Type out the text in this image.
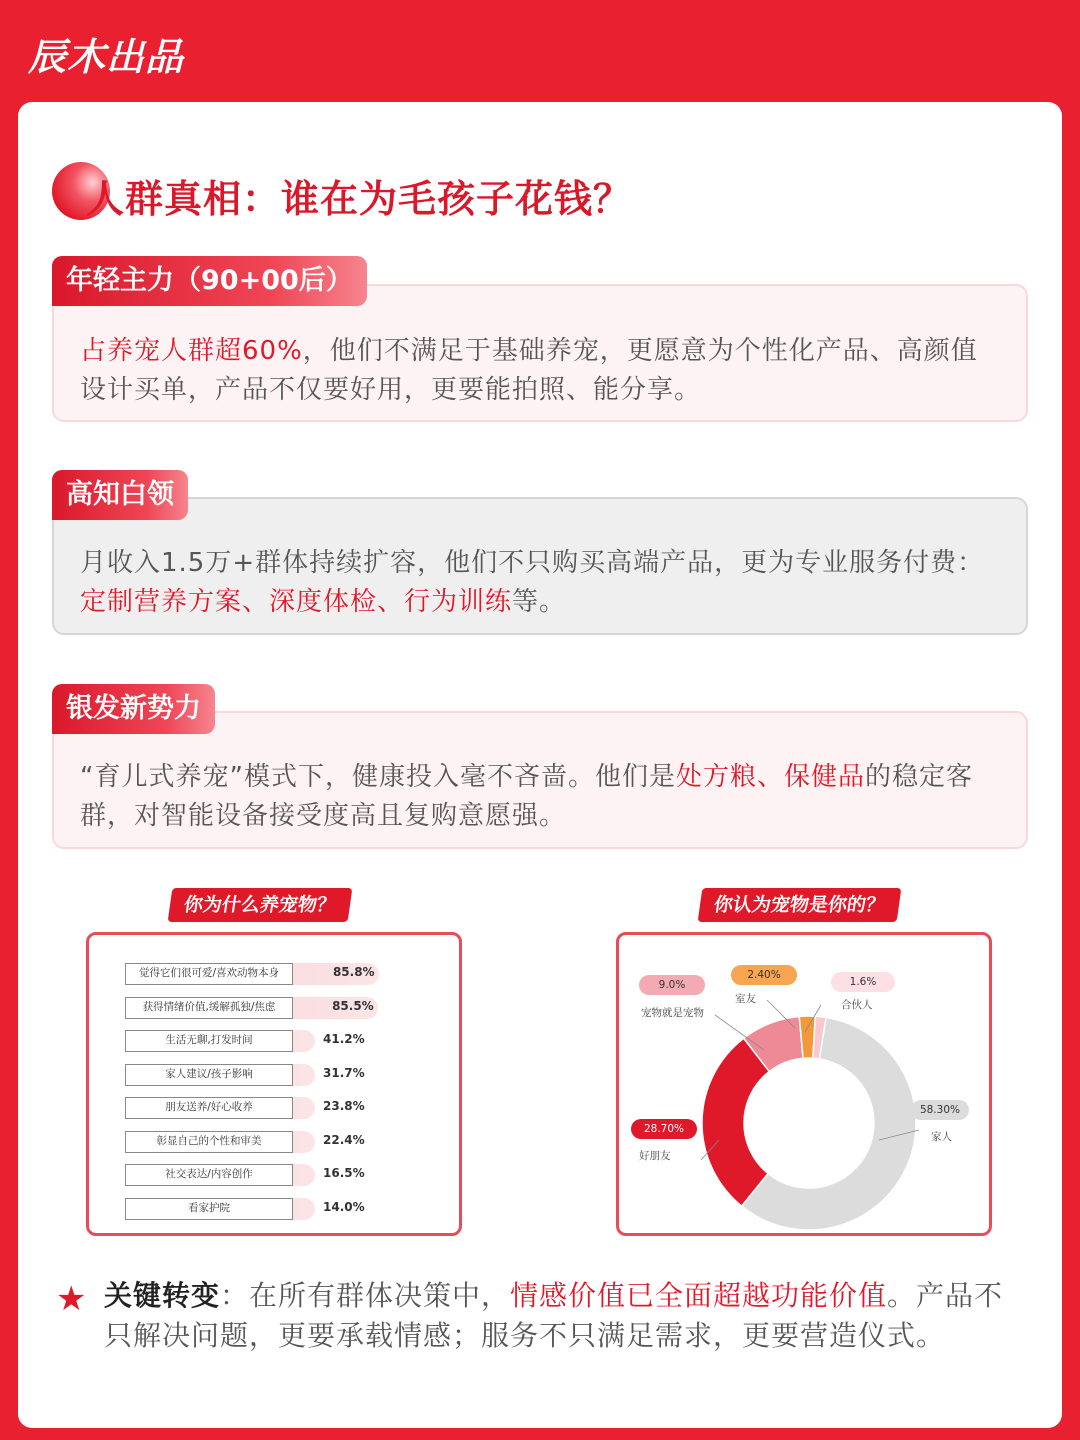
辰木出品
人群真相：谁在为毛孩子花钱？
年轻主力（90+00后）
占养宠人群超60%，他们不满足于基础养宠，更愿意为个性化产品、高颜值设计买单，产品不仅要好用，更要能拍照、能分享。
高知白领
月收入1.5万+群体持续扩容，他们不只购买高端产品，更为专业服务付费：定制营养方案、深度体检、行为训练等。
银发新势力
“育儿式养宠”模式下，健康投入毫不吝啬。他们是处方粮、保健品的稳定客群，对智能设备接受度高且复购意愿强。
你为什么养宠物？
觉得它们很可爱/喜欢动物本身	85.8%
获得情绪价值,缓解孤独/焦虑	85.5%
生活无聊,打发时间	41.2%
家人建议/孩子影响	31.7%
朋友送养/好心收养	23.8%
彰显自己的个性和审美	22.4%
社交表达/内容创作	16.5%
看家护院	14.0%
你认为宠物是你的？
58.30%
家人
28.70%
好朋友
9.0%
宠物就是宠物
2.40%
室友
1.6%
合伙人
★ 关键转变：在所有群体决策中，情感价值已全面超越功能价值。产品不只解决问题，更要承载情感；服务不只满足需求，更要营造仪式。
